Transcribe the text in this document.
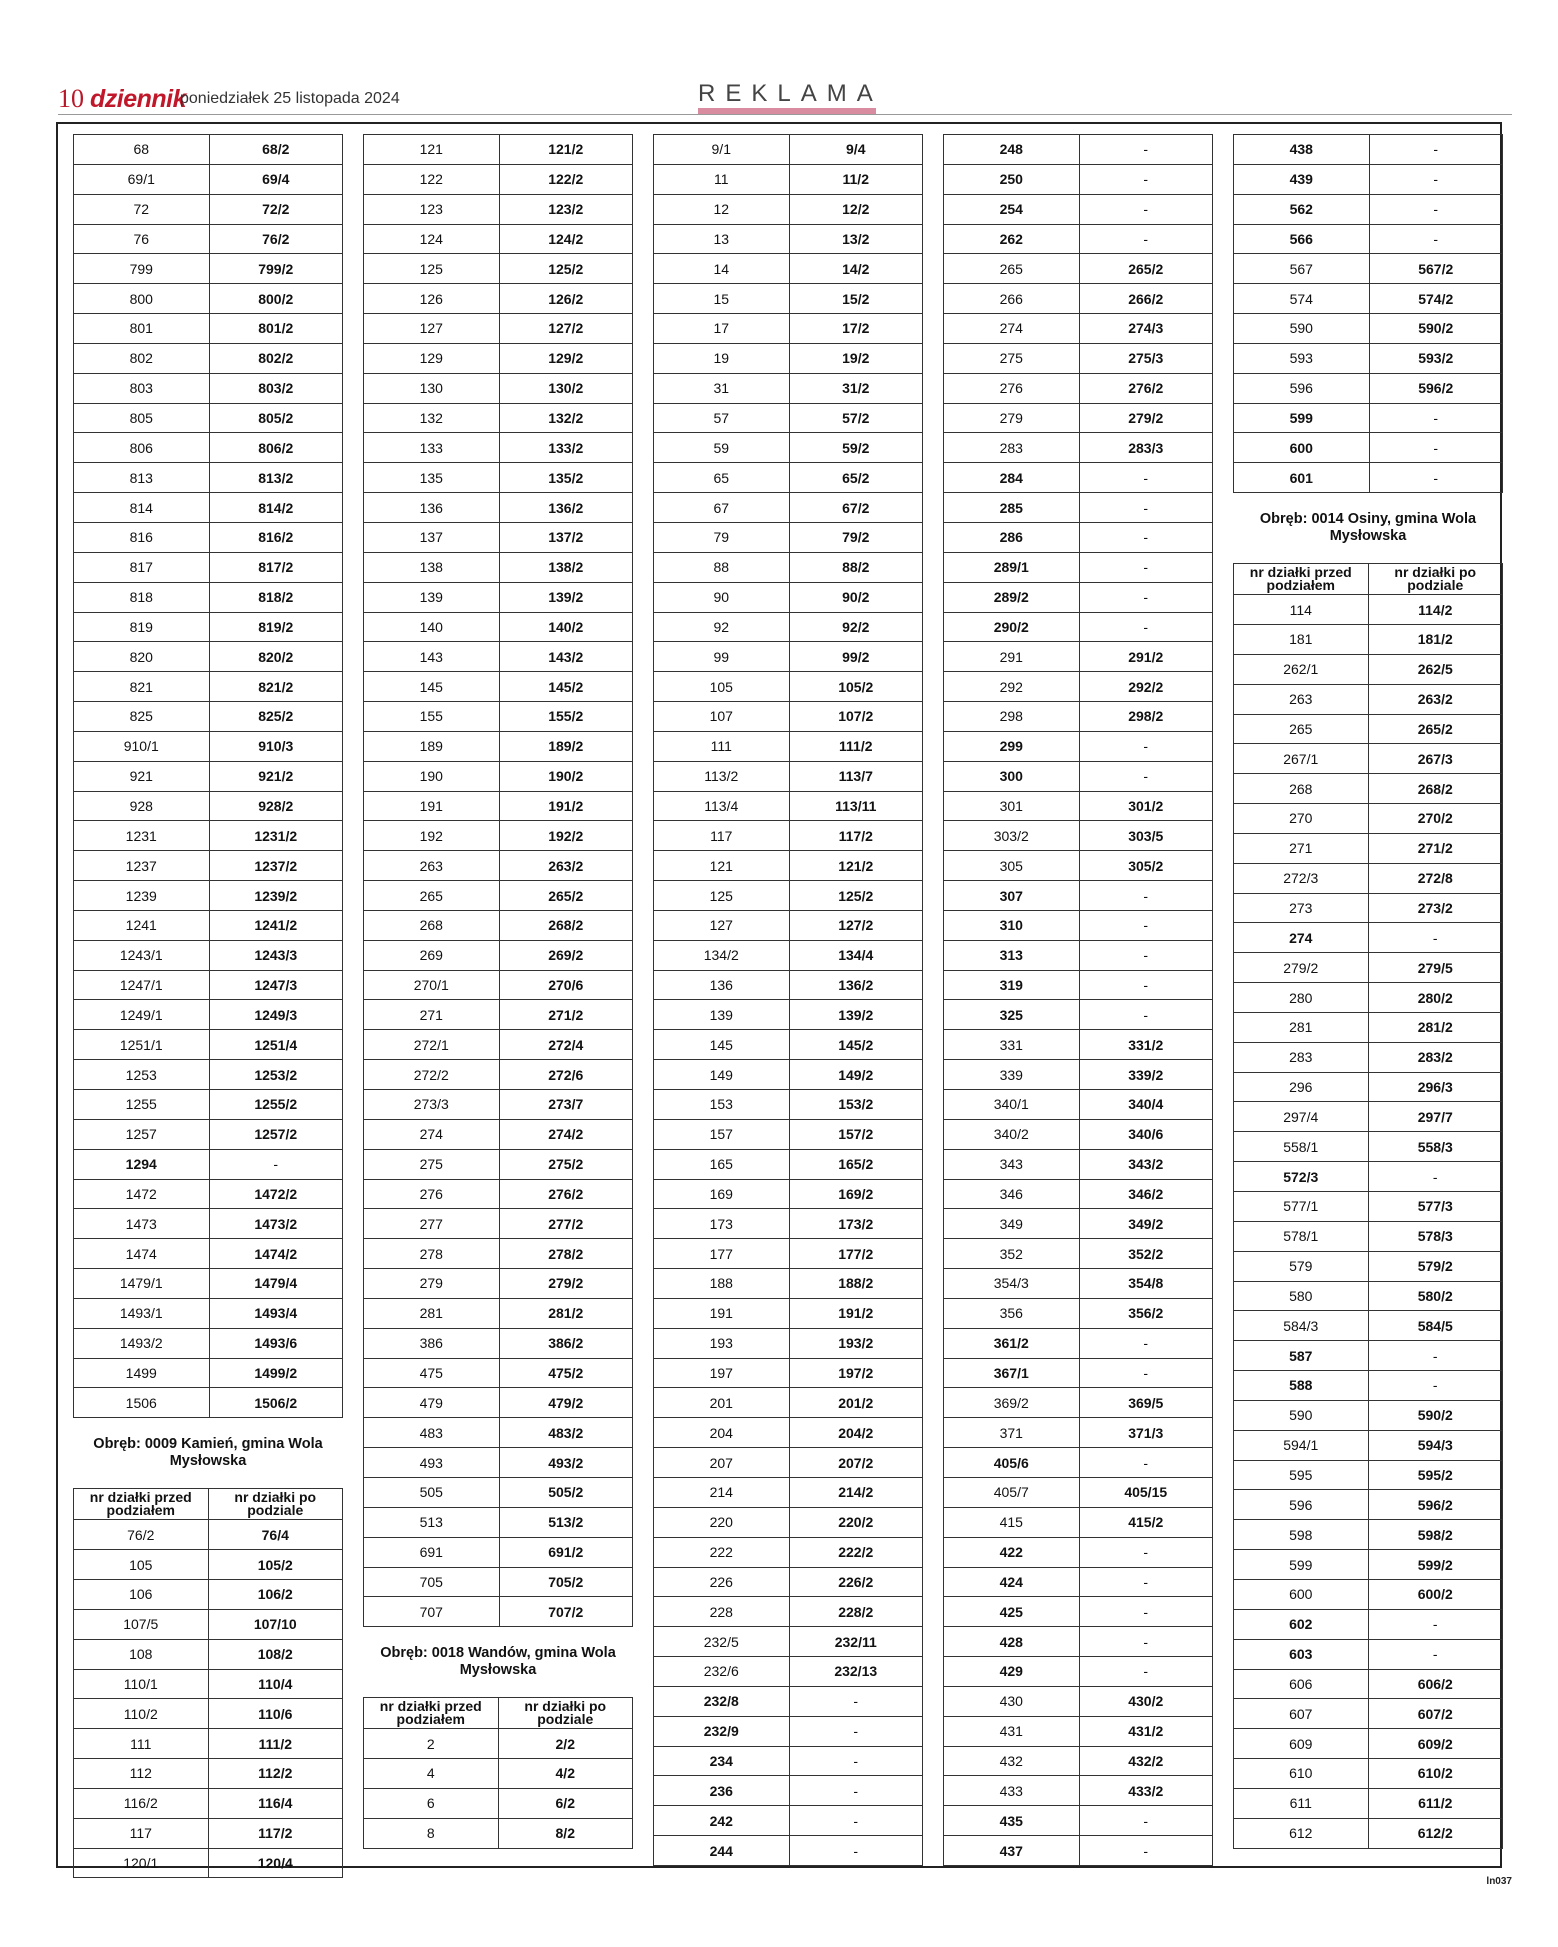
10 dziennik
poniedziałek 25 listopada 2024	REKLAMA
68	68/2
69/1	69/4
72	72/2
76	76/2
799	799/2
800	800/2
801	801/2
802	802/2
803	803/2
805	805/2
806	806/2
813	813/2
814	814/2
816	816/2
817	817/2
818	818/2
819	819/2
820	820/2
821	821/2
825	825/2
910/1	910/3
921	921/2
928	928/2
1231	1231/2
1237	1237/2
1239	1239/2
1241	1241/2
1243/1	1243/3
1247/1	1247/3
1249/1	1249/3
1251/1	1251/4
1253	1253/2
1255	1255/2
1257	1257/2
1294	-
1472	1472/2
1473	1473/2
1474	1474/2
1479/1	1479/4
1493/1	1493/4
1493/2	1493/6
1499	1499/2
1506	1506/2
Obręb: 0009 Kamień, gmina Wola Mysłowska
nr działki przed podziałem	nr działki po podziale
76/2	76/4
105	105/2
106	106/2
107/5	107/10
108	108/2
110/1	110/4
110/2	110/6
111	111/2
112	112/2
116/2	116/4
117	117/2
120/1	120/4
121	121/2
122	122/2
123	123/2
124	124/2
125	125/2
126	126/2
127	127/2
129	129/2
130	130/2
132	132/2
133	133/2
135	135/2
136	136/2
137	137/2
138	138/2
139	139/2
140	140/2
143	143/2
145	145/2
155	155/2
189	189/2
190	190/2
191	191/2
192	192/2
263	263/2
265	265/2
268	268/2
269	269/2
270/1	270/6
271	271/2
272/1	272/4
272/2	272/6
273/3	273/7
274	274/2
275	275/2
276	276/2
277	277/2
278	278/2
279	279/2
281	281/2
386	386/2
475	475/2
479	479/2
483	483/2
493	493/2
505	505/2
513	513/2
691	691/2
705	705/2
707	707/2
Obręb: 0018 Wandów, gmina Wola Mysłowska
nr działki przed podziałem	nr działki po podziale
2	2/2
4	4/2
6	6/2
8	8/2
9/1	9/4
11	11/2
12	12/2
13	13/2
14	14/2
15	15/2
17	17/2
19	19/2
31	31/2
57	57/2
59	59/2
65	65/2
67	67/2
79	79/2
88	88/2
90	90/2
92	92/2
99	99/2
105	105/2
107	107/2
111	111/2
113/2	113/7
113/4	113/11
117	117/2
121	121/2
125	125/2
127	127/2
134/2	134/4
136	136/2
139	139/2
145	145/2
149	149/2
153	153/2
157	157/2
165	165/2
169	169/2
173	173/2
177	177/2
188	188/2
191	191/2
193	193/2
197	197/2
201	201/2
204	204/2
207	207/2
214	214/2
220	220/2
222	222/2
226	226/2
228	228/2
232/5	232/11
232/6	232/13
232/8	-
232/9	-
234	-
236	-
242	-
244	-
248	-
250	-
254	-
262	-
265	265/2
266	266/2
274	274/3
275	275/3
276	276/2
279	279/2
283	283/3
284	-
285	-
286	-
289/1	-
289/2	-
290/2	-
291	291/2
292	292/2
298	298/2
299	-
300	-
301	301/2
303/2	303/5
305	305/2
307	-
310	-
313	-
319	-
325	-
331	331/2
339	339/2
340/1	340/4
340/2	340/6
343	343/2
346	346/2
349	349/2
352	352/2
354/3	354/8
356	356/2
361/2	-
367/1	-
369/2	369/5
371	371/3
405/6	-
405/7	405/15
415	415/2
422	-
424	-
425	-
428	-
429	-
430	430/2
431	431/2
432	432/2
433	433/2
435	-
437	-
438	-
439	-
562	-
566	-
567	567/2
574	574/2
590	590/2
593	593/2
596	596/2
599	-
600	-
601	-
Obręb: 0014 Osiny, gmina Wola Mysłowska
nr działki przed podziałem	nr działki po podziale
114	114/2
181	181/2
262/1	262/5
263	263/2
265	265/2
267/1	267/3
268	268/2
270	270/2
271	271/2
272/3	272/8
273	273/2
274	-
279/2	279/5
280	280/2
281	281/2
283	283/2
296	296/3
297/4	297/7
558/1	558/3
572/3	-
577/1	577/3
578/1	578/3
579	579/2
580	580/2
584/3	584/5
587	-
588	-
590	590/2
594/1	594/3
595	595/2
596	596/2
598	598/2
599	599/2
600	600/2
602	-
603	-
606	606/2
607	607/2
609	609/2
610	610/2
611	611/2
612	612/2
ln037
